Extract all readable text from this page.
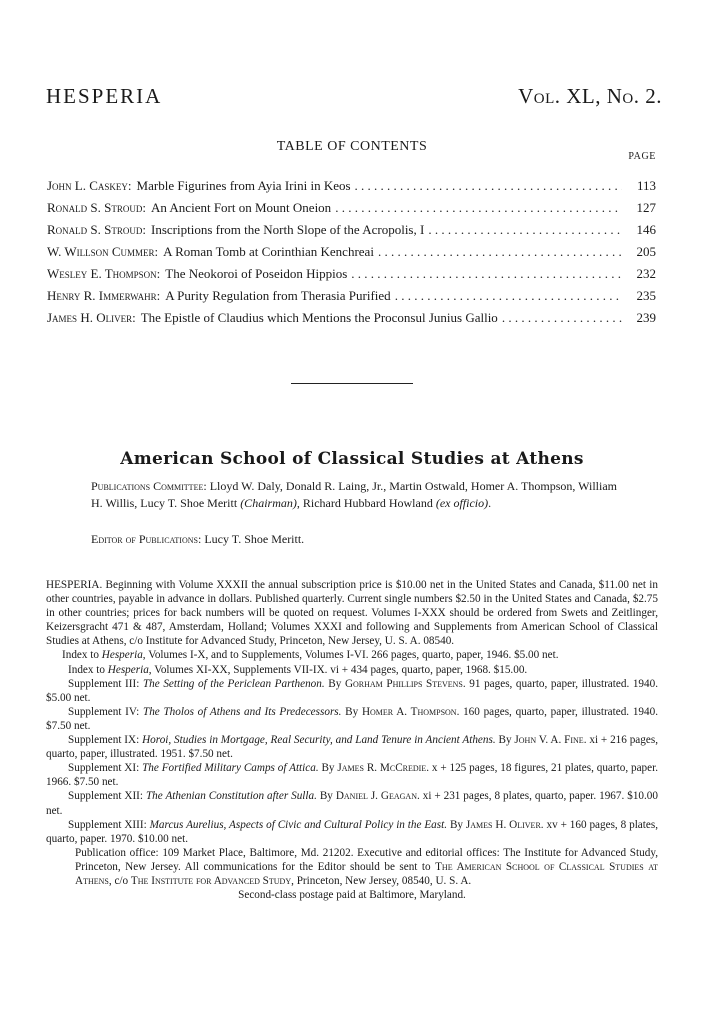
HESPERIA	Vol. XL, No. 2.
TABLE OF CONTENTS
PAGE
John L. Caskey: Marble Figurines from Ayia Irini in Keos . . .	113
Ronald S. Stroud: An Ancient Fort on Mount Oneion . . .	127
Ronald S. Stroud: Inscriptions from the North Slope of the Acropolis, I . . .	146
W. Willson Cummer: A Roman Tomb at Corinthian Kenchreai . . .	205
Wesley E. Thompson: The Neokoroi of Poseidon Hippios . . .	232
Henry R. Immerwahr: A Purity Regulation from Therasia Purified . . .	235
James H. Oliver: The Epistle of Claudius which Mentions the Proconsul Junius Gallio . . .	239
American School of Classical Studies at Athens
Publications Committee: Lloyd W. Daly, Donald R. Laing, Jr., Martin Ostwald, Homer A. Thompson, William H. Willis, Lucy T. Shoe Meritt (Chairman), Richard Hubbard Howland (ex officio).
Editor of Publications: Lucy T. Shoe Meritt.

HESPERIA. Beginning with Volume XXXII the annual subscription price is $10.00 net in the United States and Canada, $11.00 net in other countries, payable in advance in dollars. Published quarterly. Current single numbers $2.50 in the United States and Canada, $2.75 in other countries; prices for back numbers will be quoted on request. Volumes I-XXX should be ordered from Swets and Zeitlinger, Keizersgracht 471 & 487, Amsterdam, Holland; Volumes XXXI and following and Supplements from American School of Classical Studies at Athens, c/o Institute for Advanced Study, Princeton, New Jersey, U. S. A. 08540.

Index to Hesperia, Volumes I-X, and to Supplements, Volumes I-VI. 266 pages, quarto, paper, 1946. $5.00 net.

Index to Hesperia, Volumes XI-XX, Supplements VII-IX. vi + 434 pages, quarto, paper, 1968. $15.00.

Supplement III: The Setting of the Periclean Parthenon. By Gorham Phillips Stevens. 91 pages, quarto, paper, illustrated. 1940. $5.00 net.

Supplement IV: The Tholos of Athens and Its Predecessors. By Homer A. Thompson. 160 pages, quarto, paper, illustrated. 1940. $7.50 net.

Supplement IX: Horoi, Studies in Mortgage, Real Security, and Land Tenure in Ancient Athens. By John V. A. Fine. xi + 216 pages, quarto, paper, illustrated. 1951. $7.50 net.

Supplement XI: The Fortified Military Camps of Attica. By James R. McCredie. x + 125 pages, 18 figures, 21 plates, quarto, paper. 1966. $7.50 net.

Supplement XII: The Athenian Constitution after Sulla. By Daniel J. Geagan. xi + 231 pages, 8 plates, quarto, paper. 1967. $10.00 net.

Supplement XIII: Marcus Aurelius, Aspects of Civic and Cultural Policy in the East. By James H. Oliver. xv + 160 pages, 8 plates, quarto, paper. 1970. $10.00 net.

Publication office: 109 Market Place, Baltimore, Md. 21202. Executive and editorial offices: The Institute for Advanced Study, Princeton, New Jersey. All communications for the Editor should be sent to The American School of Classical Studies at Athens, c/o The Institute for Advanced Study, Princeton, New Jersey, 08540, U. S. A.

Second-class postage paid at Baltimore, Maryland.
